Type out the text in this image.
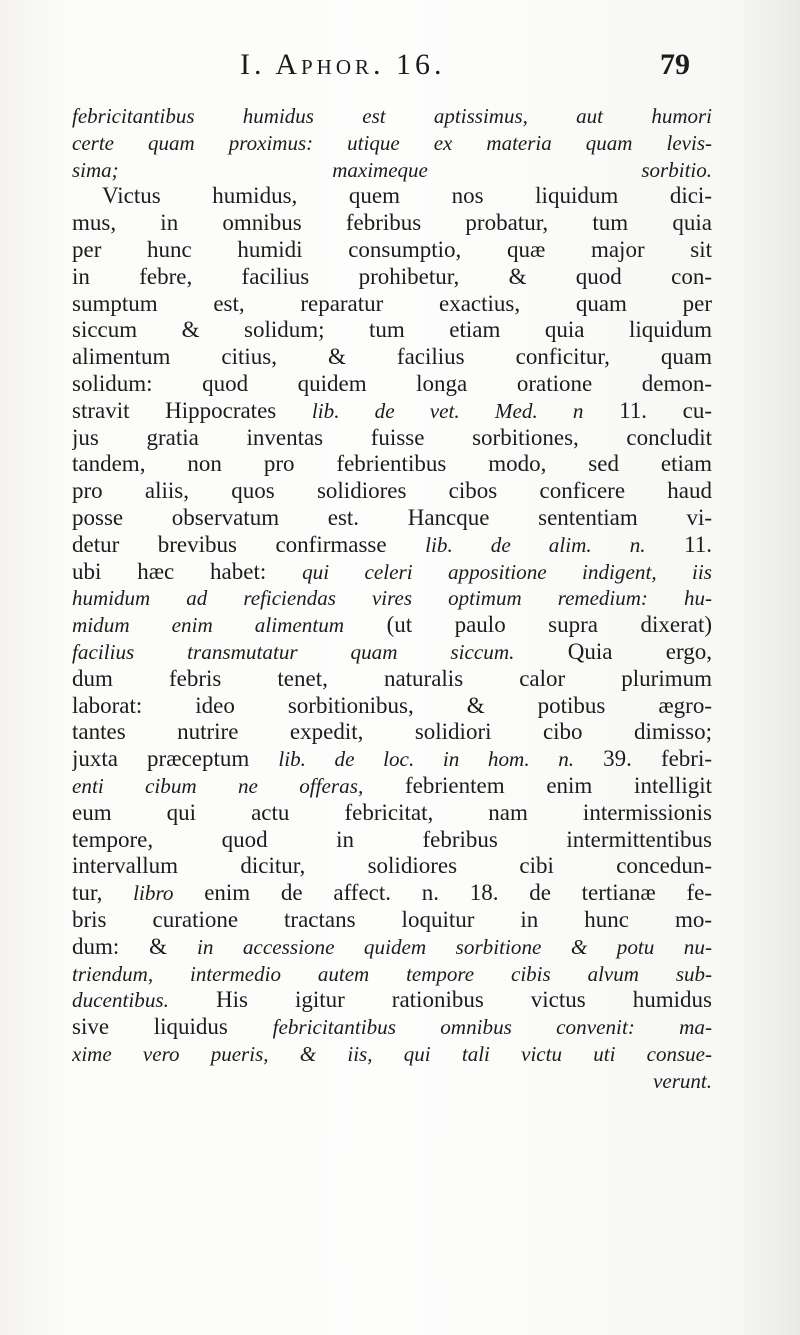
I. Aphor. 16.	79
febricitantibus humidus est aptissimus, aut humori
certe quam proximus: utique ex materia quam levis-
sima; maximeque sorbitio.
Victus humidus, quem nos liquidum dici-
mus, in omnibus febribus probatur, tum quia
per hunc humidi consumptio, quæ major sit
in febre, facilius prohibetur, & quod con-
sumptum est, reparatur exactius, quam per
siccum & solidum; tum etiam quia liquidum
alimentum citius, & facilius conficitur, quam
solidum: quod quidem longa oratione demon-
stravit Hippocrates lib. de vet. Med. n 11. cu-
jus gratia inventas fuisse sorbitiones, concludit
tandem, non pro febrientibus modo, sed etiam
pro aliis, quos solidiores cibos conficere haud
posse observatum est. Hancque sententiam vi-
detur brevibus confirmasse lib. de alim. n. 11.
ubi hæc habet: qui celeri appositione indigent, iis
humidum ad reficiendas vires optimum remedium: hu-
midum enim alimentum (ut paulo supra dixerat)
facilius transmutatur quam siccum. Quia ergo,
dum febris tenet, naturalis calor plurimum
laborat: ideo sorbitionibus, & potibus ægro-
tantes nutrire expedit, solidiori cibo dimisso;
juxta præceptum lib. de loc. in hom. n. 39. febri-
enti cibum ne offeras, febrientem enim intelligit
eum qui actu febricitat, nam intermissionis
tempore, quod in febribus intermittentibus
intervallum dicitur, solidiores cibi concedun-
tur, libro enim de affect. n. 18. de tertianæ fe-
bris curatione tractans loquitur in hunc mo-
dum: & in accessione quidem sorbitione & potu nu-
triendum, intermedio autem tempore cibis alvum sub-
ducentibus. His igitur rationibus victus humidus
sive liquidus febricitantibus omnibus convenit: ma-
xime vero pueris, & iis, qui tali victu uti consue-
verunt.
